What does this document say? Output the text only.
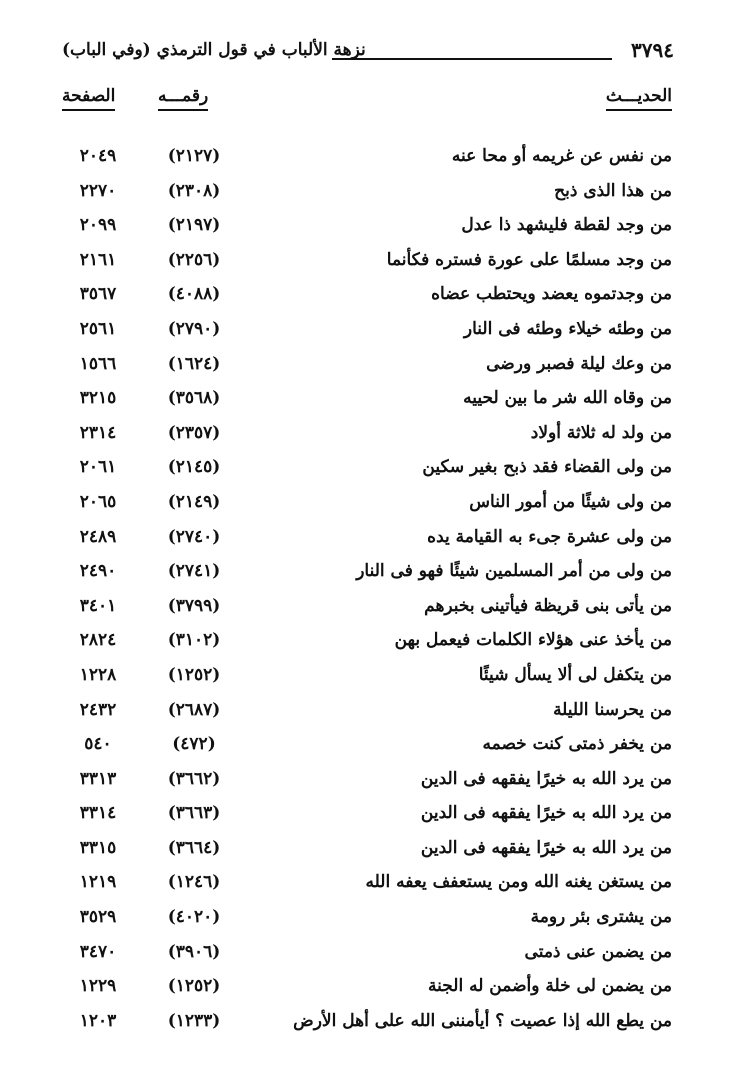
نزهة الألباب في قول الترمذي (وفي الباب)	٣٧٩٤
الحديـــث
رقمـــه
الصفحة
من نفس عن غريمه أو محا عنه
(٢١٢٧)
٢٠٤٩
من هذا الذى ذبح
(٢٣٠٨)
٢٢٧٠
من وجد لقطة فليشهد ذا عدل
(٢١٩٧)
٢٠٩٩
من وجد مسلمًا على عورة فستره فكأنما
(٢٢٥٦)
٢١٦١
من وجدتموه يعضد ويحتطب عضاه
(٤٠٨٨)
٣٥٦٧
من وطئه خيلاء وطئه فى النار
(٢٧٩٠)
٢٥٦١
من وعك ليلة فصبر ورضى
(١٦٢٤)
١٥٦٦
من وقاه الله شر ما بين لحييه
(٣٥٦٨)
٣٢١٥
من ولد له ثلاثة أولاد
(٢٣٥٧)
٢٣١٤
من ولى القضاء فقد ذبح بغير سكين
(٢١٤٥)
٢٠٦١
من ولى شيئًا من أمور الناس
(٢١٤٩)
٢٠٦٥
من ولى عشرة جىء به القيامة يده
(٢٧٤٠)
٢٤٨٩
من ولى من أمر المسلمين شيئًا فهو فى النار
(٢٧٤١)
٢٤٩٠
من يأتى بنى قريظة فيأتينى بخبرهم
(٣٧٩٩)
٣٤٠١
من يأخذ عنى هؤلاء الكلمات فيعمل بهن
(٣١٠٢)
٢٨٢٤
من يتكفل لى ألا يسأل شيئًا
(١٢٥٢)
١٢٢٨
من يحرسنا الليلة
(٢٦٨٧)
٢٤٣٢
من يخفر ذمتى كنت خصمه
(٤٧٢)
٥٤٠
من يرد الله به خيرًا يفقهه فى الدين
(٣٦٦٢)
٣٣١٣
من يرد الله به خيرًا يفقهه فى الدين
(٣٦٦٣)
٣٣١٤
من يرد الله به خيرًا يفقهه فى الدين
(٣٦٦٤)
٣٣١٥
من يستغن يغنه الله ومن يستعفف يعفه الله
(١٢٤٦)
١٢١٩
من يشترى بئر رومة
(٤٠٢٠)
٣٥٢٩
من يضمن عنى ذمتى
(٣٩٠٦)
٣٤٧٠
من يضمن لى خلة وأضمن له الجنة
(١٢٥٢)
١٢٢٩
من يطع الله إذا عصيت ؟ أيأمننى الله على أهل الأرض
(١٢٣٣)
١٢٠٣
